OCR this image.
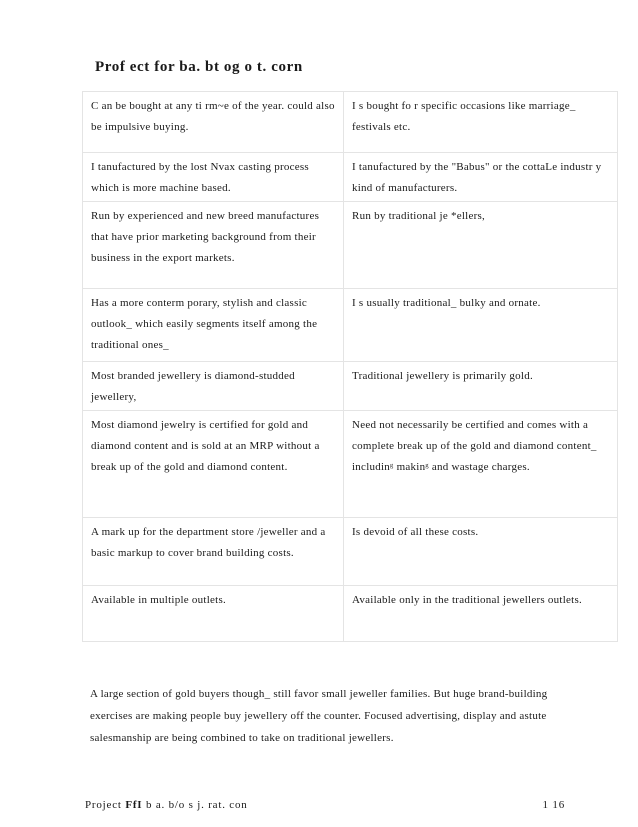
Prof ect for ba. bt og o t. corn
C an be bought at any ti rm~e of the year. could also be impulsive buying.	I s bought fo r specific occasions like marriage_ festivals etc.
I tanufactured by the lost Nvax casting process which is more machine based.	I tanufactured by the "Babus" or the cottaLe industr y kind of manufacturers.
Run by experienced and new breed manufactures that have prior marketing background from their business in the export markets.	Run by traditional je *ellers,
Has a more conterm porary, stylish and classic outlook_ which easily segments itself among the traditional ones_	I s usually traditional_ bulky and ornate.
Most branded jewellery is diamond-studded jewellery,	Traditional jewellery is primarily gold.
Most diamond jewelry is certified for gold and diamond content and is sold at an MRP without a break up of the gold and diamond content.	Need not necessarily be certified and comes with a complete break up of the gold and diamond content_ includinᵍ makinᵍ and wastage charges.
A mark up for the department store /jeweller and a basic markup to cover brand building costs.	Is devoid of all these costs.
Available in multiple outlets.	Available only in the traditional jewellers outlets.
A large section of gold buyers though_ still favor small jeweller families. But huge brand-building exercises are making people buy jewellery off the counter. Focused advertising, display and astute salesmanship are being combined to take on traditional jewellers.
Project FfI b a. b/o s j. rat. con	1 16
